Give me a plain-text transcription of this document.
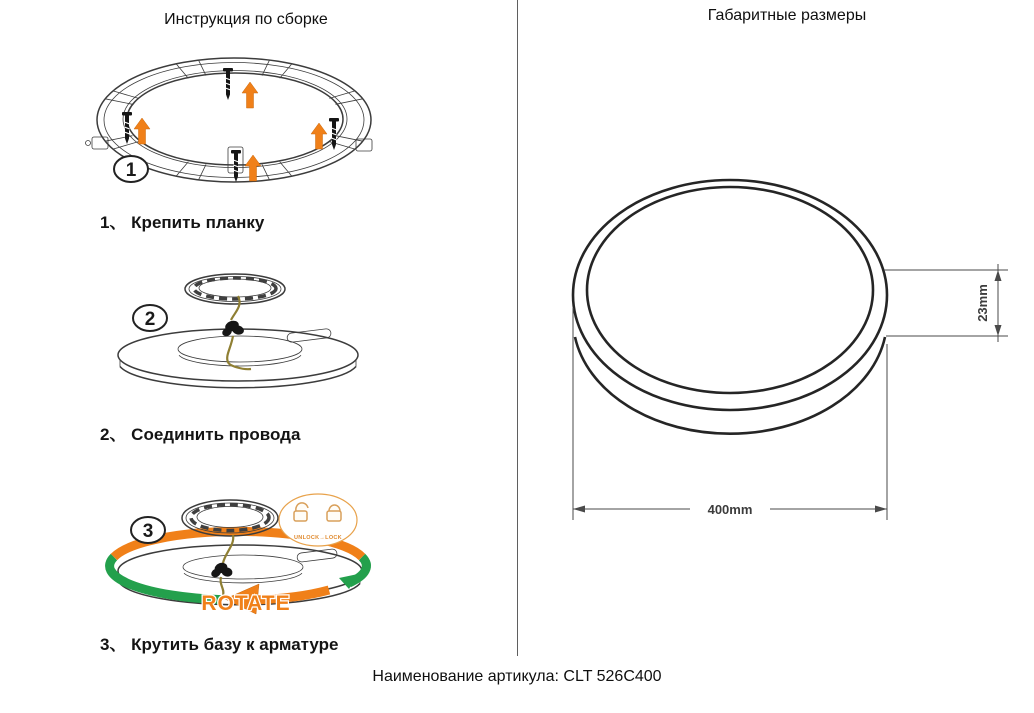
Инструкция по сборке	Габаритные размеры
1
1、 Крепить планку
2
2、 Соединить провода
UNLOCK→LOCK
ROTATE
3
3、 Крутить базу к арматуре
23mm
400mm
Наименование артикула: CLT 526C400
